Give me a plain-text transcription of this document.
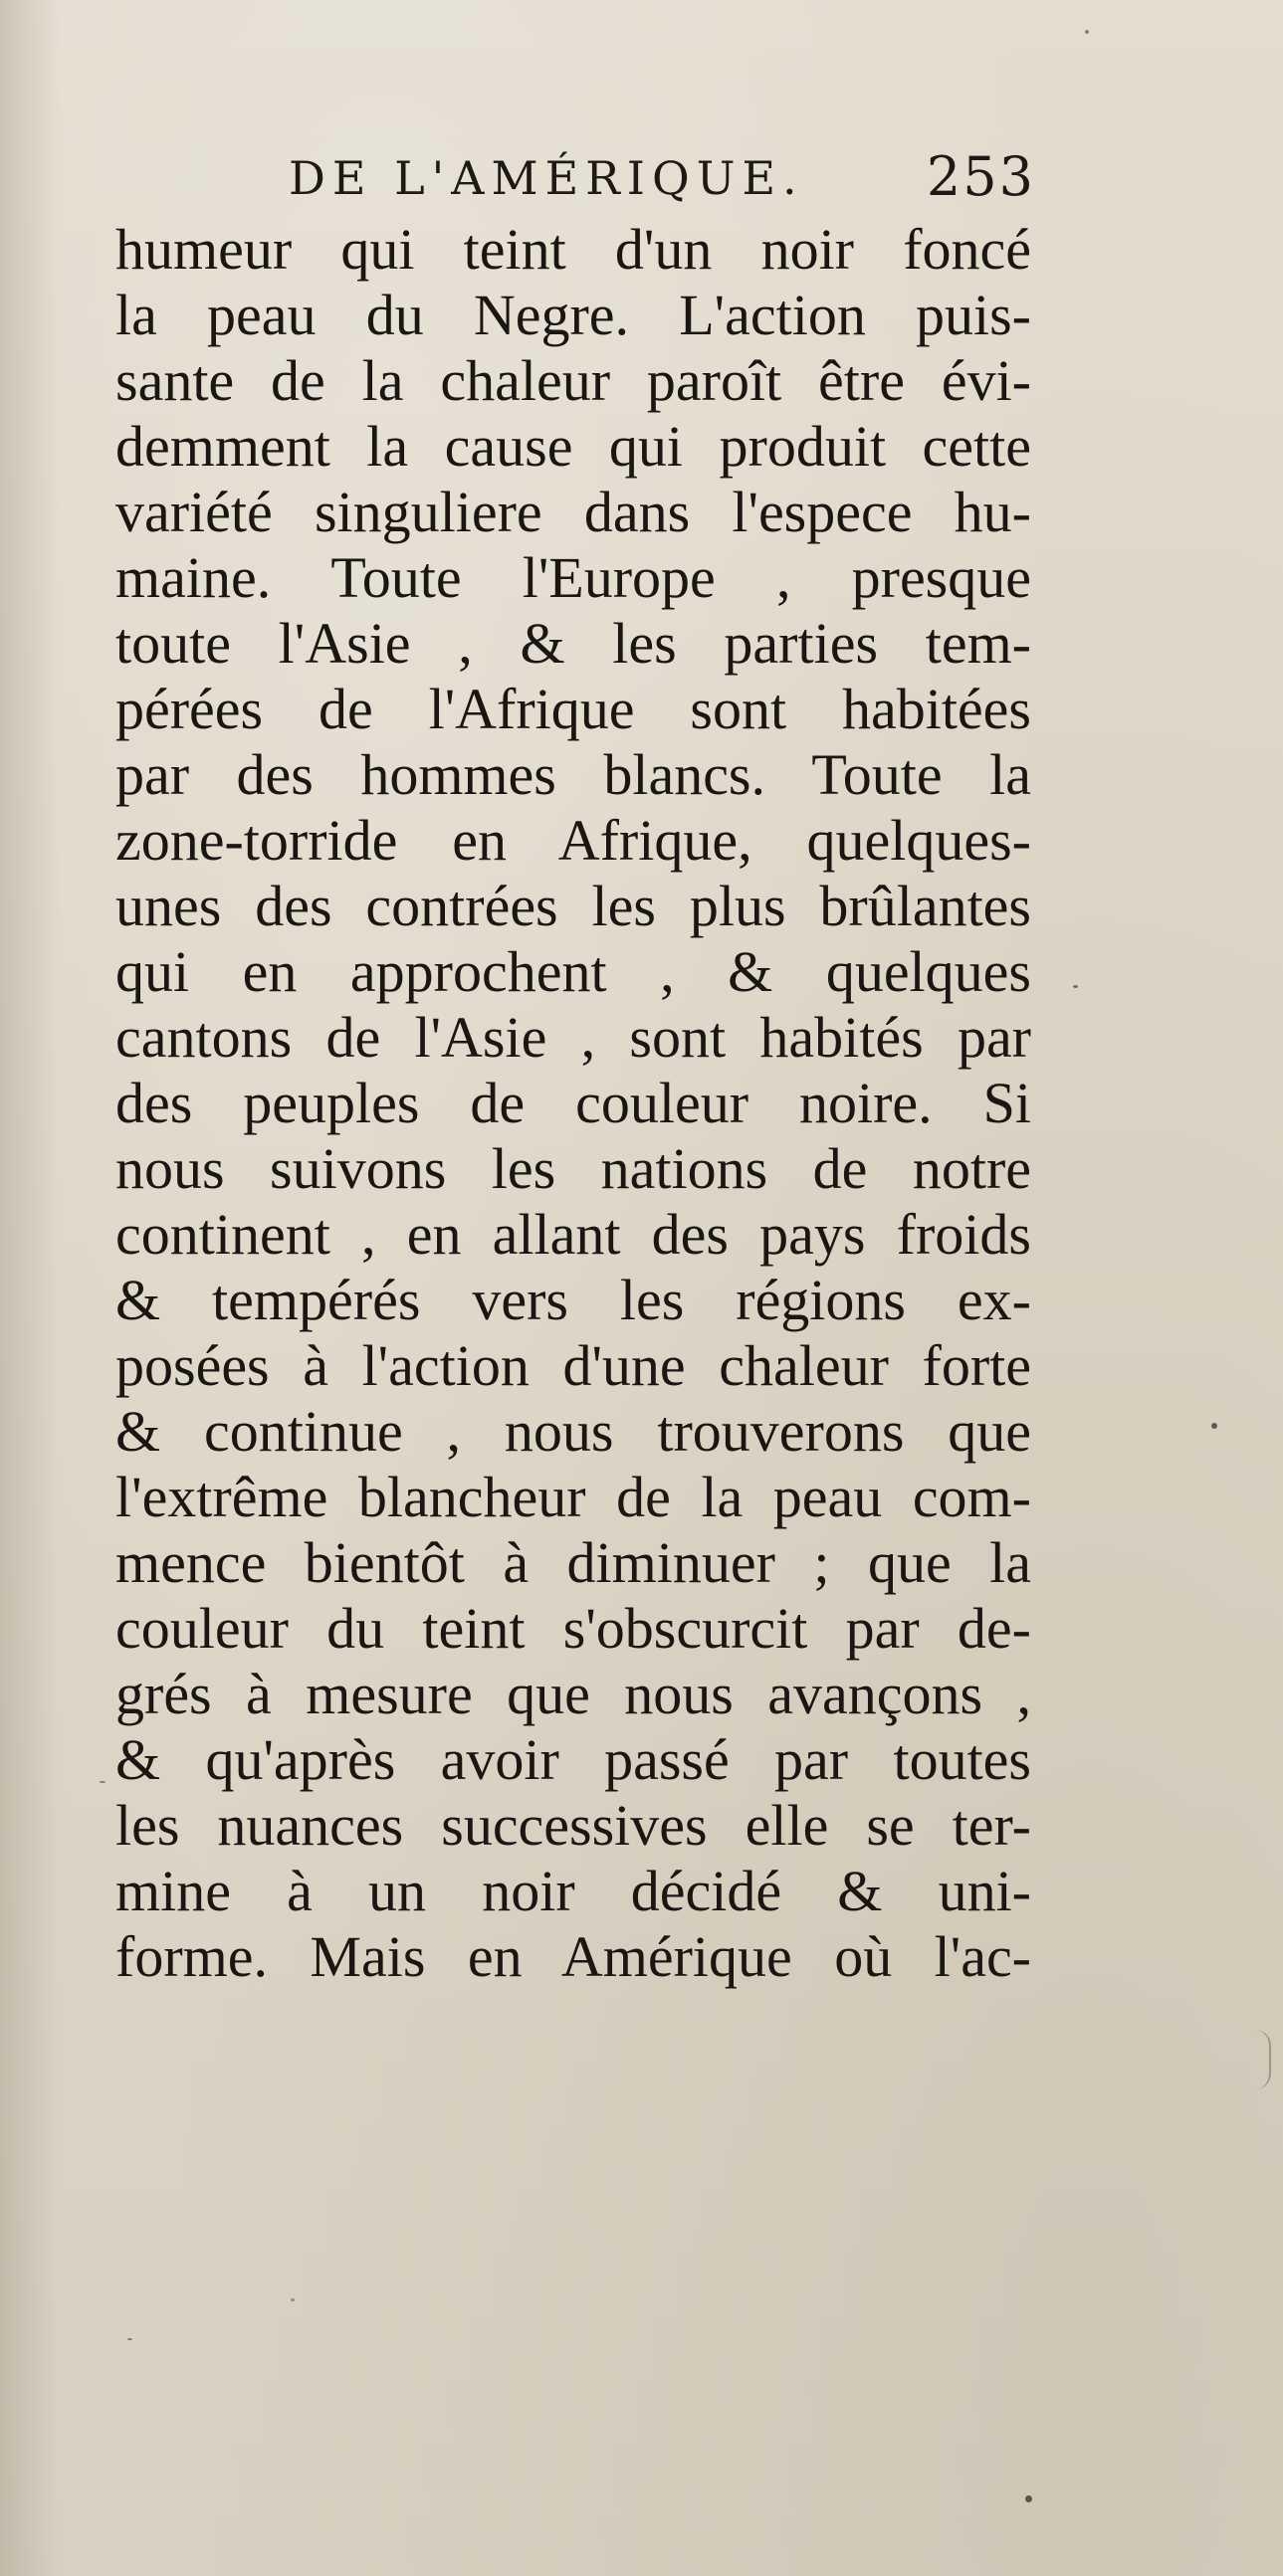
DE L'AMÉRIQUE. 253
humeur qui teint d'un noir foncé
la peau du Negre. L'action puis-
sante de la chaleur paroît être évi-
demment la cause qui produit cette
variété singuliere dans l'espece hu-
maine. Toute l'Europe , presque
toute l'Asie , & les parties tem-
pérées de l'Afrique sont habitées
par des hommes blancs. Toute la
zone-torride en Afrique, quelques-
unes des contrées les plus brûlantes
qui en approchent , & quelques
cantons de l'Asie , sont habités par
des peuples de couleur noire. Si
nous suivons les nations de notre
continent , en allant des pays froids
& tempérés vers les régions ex-
posées à l'action d'une chaleur forte
& continue , nous trouverons que
l'extrême blancheur de la peau com-
mence bientôt à diminuer ; que la
couleur du teint s'obscurcit par de-
grés à mesure que nous avançons ,
& qu'après avoir passé par toutes
les nuances successives elle se ter-
mine à un noir décidé & uni-
forme. Mais en Amérique où l'ac-
